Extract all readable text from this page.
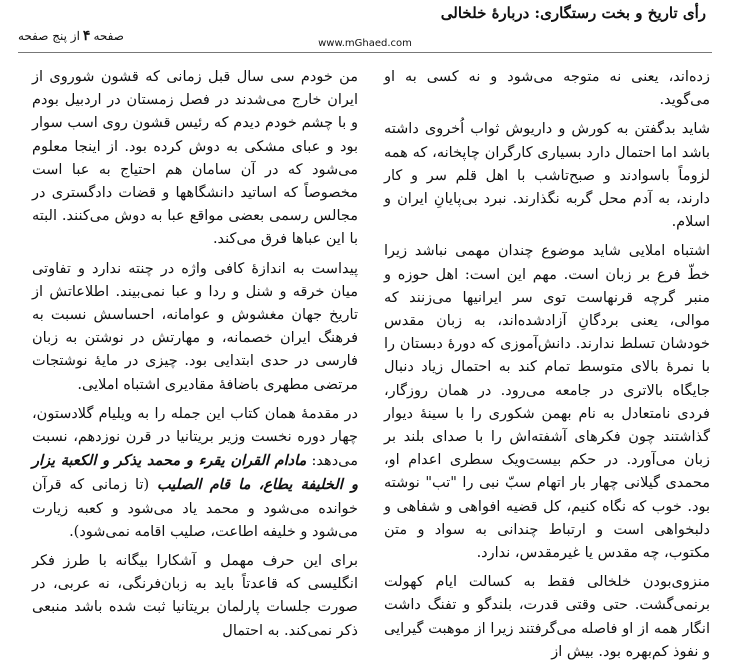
رأی تاریخ و بخت رستگاری: دربارۀ خلخالی
صفحه۴از پنج صفحه
www.mGhaed.com

زده‌اند، یعنی نه متوجه می‌شود و نه کسی به او می‌گوید.

شاید بدگفتن به کورش و داریوش ثواب اُخروی داشته باشد اما احتمال دارد بسیاری کارگران چاپخانه، که همه لزوماً باسوادند و صبح‌تاشب با اهل قلم سر و کار دارند، به آدم محل گربه نگذارند. نبرد بی‌پایانِ ایران و اسلام.

اشتباه املایی شاید موضوع چندان مهمی نباشد زیرا خطّ فرع بر زبان است. مهم این است: اهل حوزه و منبر گرچه قرنهاست توی سر ایرانیها می‌زنند که موالی، یعنی بردگانِ آزادشده‌اند، به زبان مقدس خودشان تسلط ندارند. دانش‌آموزی که دورۀ دبستان را با نمرۀ بالای متوسط تمام کند به احتمال زیاد دنبال جایگاه بالاتری در جامعه می‌رود. در همان روزگار، فردی نامتعادل به نام بهمن شکوری را با سینۀ دیوار گذاشتند چون فکرهای آشفته‌اش را با صدای بلند بر زبان می‌آورد. در حکم بیست‌ویک سطری اعدام او، محمدی گیلانی چهار بار اتهام سبّ نبی را "تب" نوشته بود. خوب که نگاه کنیم، کل قضیه افواهی و شفاهی و دلبخواهی است و ارتباط چندانی به سواد و متن مکتوب، چه مقدس یا غیرمقدس، ندارد.

منزوی‌بودن خلخالی فقط به کسالت ایام کهولت برنمی‌گشت. حتی وقتی قدرت، بلندگو و تفنگ داشت انگار همه از او فاصله می‌گرفتند زیرا از موهبت گیرایی و نفوذ کم‌بهره بود. بیش از

من خودم سی سال قبل زمانی که قشون شوروی از ایران خارج می‌شدند در فصل زمستان در اردبیل بودم و با چشم خودم دیدم که رئیس قشون روی اسب سوار بود و عبای مشکی به دوش کرده بود. از اینجا معلوم می‌شود که در آن سامان هم احتیاج به عبا است مخصوصاً که اساتید دانشگاهها و قضات دادگستری در مجالس رسمی بعضی مواقع عبا به دوش می‌کنند. البته با این عباها فرق می‌کند.

پیداست به اندازۀ کافی واژه در چنته ندارد و تفاوتی میان خرقه و شنل و ردا و عبا نمی‌بیند. اطلاعاتش از تاریخ جهان مغشوش و عوامانه، احساسش نسبت به فرهنگ ایران خصمانه، و مهارتش در نوشتن به زبان فارسی در حدی ابتدایی بود. چیزی در مایۀ نوشتجات مرتضی مطهری باضافۀ مقادیری اشتباه املایی.

در مقدمۀ همان کتاب این جمله را به ویلیام گلادستون، چهار دوره نخست وزیر بریتانیا در قرن نوزدهم، نسبت می‌دهد: مادام القران یقرء و محمد یذکر و الکعبة یزار و الخلیفة یطاع، ما قام الصلیب (تا زمانی که قرآن خوانده می‌شود و محمد یاد می‌شود و کعبه زیارت می‌شود و خلیفه اطاعت، صلیب اقامه نمی‌شود).

برای این حرف مهمل و آشکارا بیگانه با طرز فکر انگلیسی که قاعدتاً باید به زبان‌فرنگی، نه عربی، در صورت جلسات پارلمان بریتانیا ثبت شده باشد منبعی ذکر نمی‌کند. به احتمال
